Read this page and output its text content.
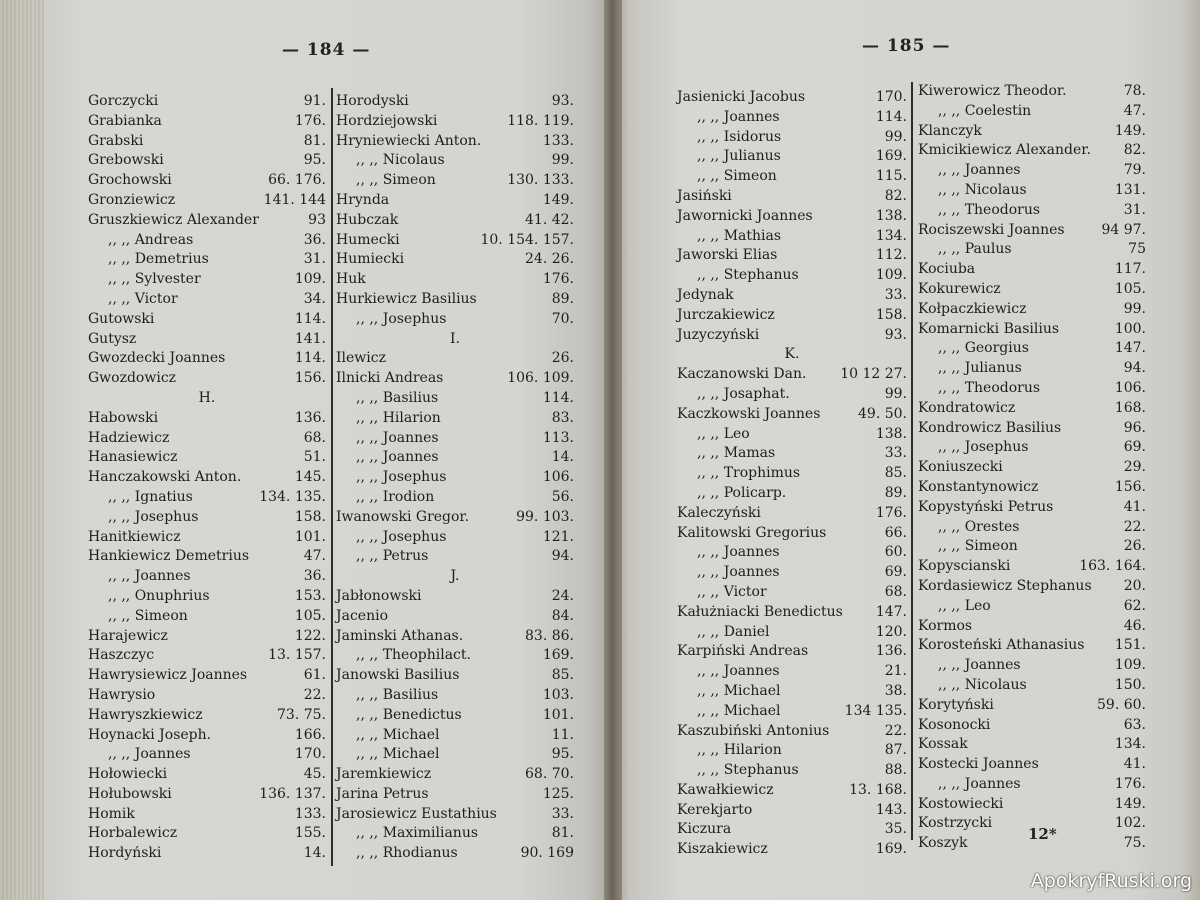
— 184 —	— 185 —
Gorczycki	91.
Grabianka	176.
Grabski	81.
Grebowski	95.
Grochowski	66. 176.
Gronziewicz	141. 144
Gruszkiewicz Alexander	93
,, ,, Andreas	36.
,, ,, Demetrius	31.
,, ,, Sylvester	109.
,, ,, Victor	34.
Gutowski	114.
Gutysz	141.
Gwozdecki Joannes	114.
Gwozdowicz	156.
H.
Habowski	136.
Hadziewicz	68.
Hanasiewicz	51.
Hanczakowski Anton.	145.
,, ,, Ignatius	134. 135.
,, ,, Josephus	158.
Hanitkiewicz	101.
Hankiewicz Demetrius	47.
,, ,, Joannes	36.
,, ,, Onuphrius	153.
,, ,, Simeon	105.
Harajewicz	122.
Haszczyc	13. 157.
Hawrysiewicz Joannes	61.
Hawrysio	22.
Hawryszkiewicz	73. 75.
Hoynacki Joseph.	166.
,, ,, Joannes	170.
Hołowiecki	45.
Hołubowski	136. 137.
Homik	133.
Horbalewicz	155.
Hordyński	14.
Horodyski	93.
Hordziejowski	118. 119.
Hryniewiecki Anton.	133.
,, ,, Nicolaus	99.
,, ,, Simeon	130. 133.
Hrynda	149.
Hubczak	41. 42.
Humecki	10. 154. 157.
Humiecki	24. 26.
Huk	176.
Hurkiewicz Basilius	89.
,, ,, Josephus	70.
I.
Ilewicz	26.
Ilnicki Andreas	106. 109.
,, ,, Basilius	114.
,, ,, Hilarion	83.
,, ,, Joannes	113.
,, ,, Joannes	14.
,, ,, Josephus	106.
,, ,, Irodion	56.
Iwanowski Gregor.	99. 103.
,, ,, Josephus	121.
,, ,, Petrus	94.
J.
Jabłonowski	24.
Jacenio	84.
Jaminski Athanas.	83. 86.
,, ,, Theophilact.	169.
Janowski Basilius	85.
,, ,, Basilius	103.
,, ,, Benedictus	101.
,, ,, Michael	11.
,, ,, Michael	95.
Jaremkiewicz	68. 70.
Jarina Petrus	125.
Jarosiewicz Eustathius	33.
,, ,, Maximilianus	81.
,, ,, Rhodianus	90. 169
Jasienicki Jacobus	170.
,, ,, Joannes	114.
,, ,, Isidorus	99.
,, ,, Julianus	169.
,, ,, Simeon	115.
Jasiński	82.
Jawornicki Joannes	138.
,, ,, Mathias	134.
Jaworski Elias	112.
,, ,, Stephanus	109.
Jedynak	33.
Jurczakiewicz	158.
Juzyczyński	93.
K.
Kaczanowski Dan. 10 12 27.
,, ,, Josaphat.	99.
Kaczkowski Joannes	49. 50.
,, ,, Leo	138.
,, ,, Mamas	33.
,, ,, Trophimus	85.
,, ,, Policarp.	89.
Kaleczyński	176.
Kalitowski Gregorius	66.
,, ,, Joannes	60.
,, ,, Joannes	69.
,, ,, Victor	68.
Kałużniacki Benedictus 147.
,, ,, Daniel	120.
Karpiński Andreas	136.
,, ,, Joannes	21.
,, ,, Michael	38.
,, ,, Michael	134 135.
Kaszubiński Antonius	22.
,, ,, Hilarion	87.
,, ,, Stephanus	88.
Kawałkiewicz	13. 168.
Kerekjarto	143.
Kiczura	35.
Kiszakiewicz	169.
Kiwerowicz Theodor.	78.
,, ,, Coelestin	47.
Klanczyk	149.
Kmicikiewicz Alexander. 82.
,, ,, Joannes	79.
,, ,, Nicolaus	131.
,, ,, Theodorus	31.
Rociszewski Joannes	94 97.
,, ,, Paulus	75
Kociuba	117.
Kokurewicz	105.
Kołpaczkiewicz	99.
Komarnicki Basilius	100.
,, ,, Georgius	147.
,, ,, Julianus	94.
,, ,, Theodorus	106.
Kondratowicz	168.
Kondrowicz Basilius	96.
,, ,, Josephus	69.
Koniuszecki	29.
Konstantynowicz	156.
Kopystyński Petrus	41.
,, ,, Orestes	22.
,, ,, Simeon	26.
Kopyscianski	163. 164.
Kordasiewicz Stephanus 20.
,, ,, Leo	62.
Kormos	46.
Korosteński Athanasius 151.
,, ,, Joannes	109.
,, ,, Nicolaus	150.
Korytyński	59. 60.
Kosonocki	63.
Kossak	134.
Kostecki Joannes	41.
,, ,, Joannes	176.
Kostowiecki	149.
Kostrzycki	102.
Koszyk	75.
12*
ApokryfRuski.org
